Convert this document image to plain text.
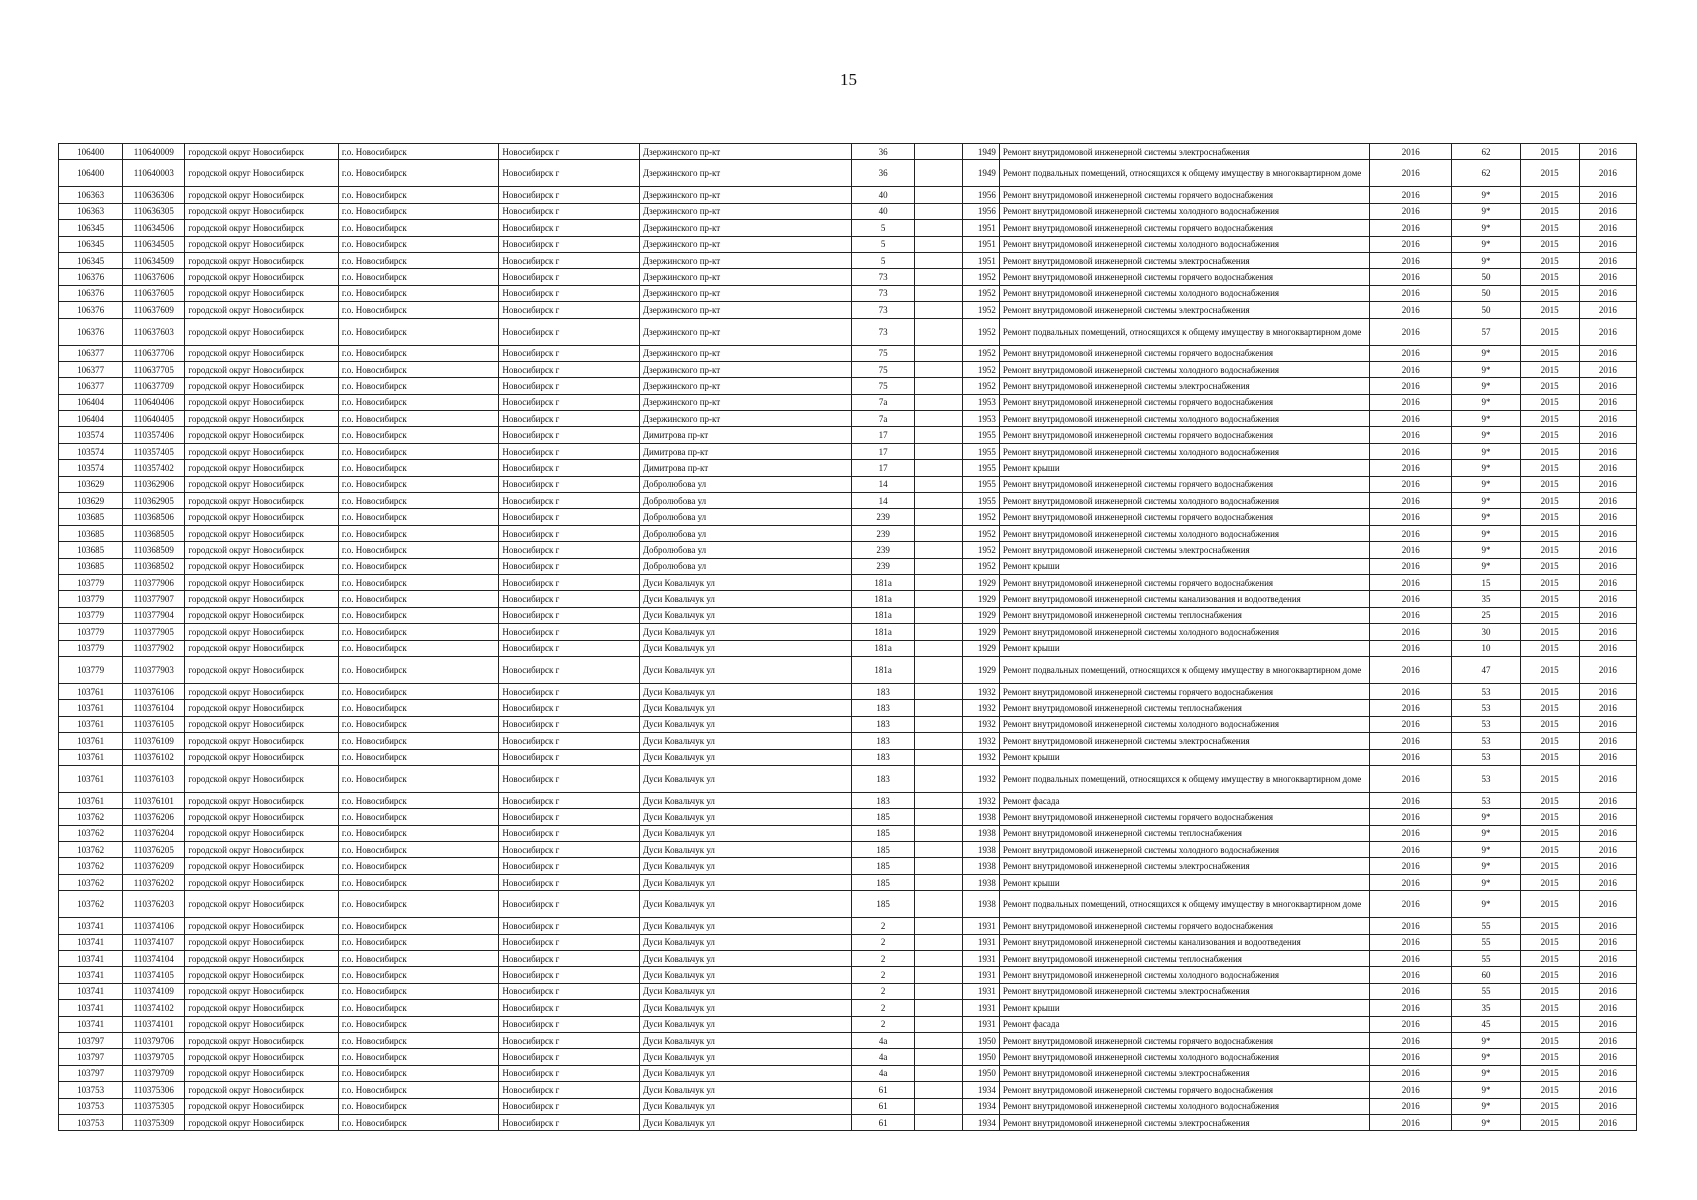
15
106400	110640009	городской округ Новосибирск	г.о. Новосибирск	Новосибирск г	Дзержинского пр-кт	36		1949	Ремонт внутридомовой инженерной системы электроснабжения	2016	62	2015	2016
106400	110640003	городской округ Новосибирск	г.о. Новосибирск	Новосибирск г	Дзержинского пр-кт	36		1949	Ремонт подвальных помещений, относящихся к общему имуществу в многоквартирном доме	2016	62	2015	2016
106363	110636306	городской округ Новосибирск	г.о. Новосибирск	Новосибирск г	Дзержинского пр-кт	40		1956	Ремонт внутридомовой инженерной системы горячего водоснабжения	2016	9*	2015	2016
106363	110636305	городской округ Новосибирск	г.о. Новосибирск	Новосибирск г	Дзержинского пр-кт	40		1956	Ремонт внутридомовой инженерной системы холодного водоснабжения	2016	9*	2015	2016
106345	110634506	городской округ Новосибирск	г.о. Новосибирск	Новосибирск г	Дзержинского пр-кт	5		1951	Ремонт внутридомовой инженерной системы горячего водоснабжения	2016	9*	2015	2016
106345	110634505	городской округ Новосибирск	г.о. Новосибирск	Новосибирск г	Дзержинского пр-кт	5		1951	Ремонт внутридомовой инженерной системы холодного водоснабжения	2016	9*	2015	2016
106345	110634509	городской округ Новосибирск	г.о. Новосибирск	Новосибирск г	Дзержинского пр-кт	5		1951	Ремонт внутридомовой инженерной системы электроснабжения	2016	9*	2015	2016
106376	110637606	городской округ Новосибирск	г.о. Новосибирск	Новосибирск г	Дзержинского пр-кт	73		1952	Ремонт внутридомовой инженерной системы горячего водоснабжения	2016	50	2015	2016
106376	110637605	городской округ Новосибирск	г.о. Новосибирск	Новосибирск г	Дзержинского пр-кт	73		1952	Ремонт внутридомовой инженерной системы холодного водоснабжения	2016	50	2015	2016
106376	110637609	городской округ Новосибирск	г.о. Новосибирск	Новосибирск г	Дзержинского пр-кт	73		1952	Ремонт внутридомовой инженерной системы электроснабжения	2016	50	2015	2016
106376	110637603	городской округ Новосибирск	г.о. Новосибирск	Новосибирск г	Дзержинского пр-кт	73		1952	Ремонт подвальных помещений, относящихся к общему имуществу в многоквартирном доме	2016	57	2015	2016
106377	110637706	городской округ Новосибирск	г.о. Новосибирск	Новосибирск г	Дзержинского пр-кт	75		1952	Ремонт внутридомовой инженерной системы горячего водоснабжения	2016	9*	2015	2016
106377	110637705	городской округ Новосибирск	г.о. Новосибирск	Новосибирск г	Дзержинского пр-кт	75		1952	Ремонт внутридомовой инженерной системы холодного водоснабжения	2016	9*	2015	2016
106377	110637709	городской округ Новосибирск	г.о. Новосибирск	Новосибирск г	Дзержинского пр-кт	75		1952	Ремонт внутридомовой инженерной системы электроснабжения	2016	9*	2015	2016
106404	110640406	городской округ Новосибирск	г.о. Новосибирск	Новосибирск г	Дзержинского пр-кт	7а		1953	Ремонт внутридомовой инженерной системы горячего водоснабжения	2016	9*	2015	2016
106404	110640405	городской округ Новосибирск	г.о. Новосибирск	Новосибирск г	Дзержинского пр-кт	7а		1953	Ремонт внутридомовой инженерной системы холодного водоснабжения	2016	9*	2015	2016
103574	110357406	городской округ Новосибирск	г.о. Новосибирск	Новосибирск г	Димитрова пр-кт	17		1955	Ремонт внутридомовой инженерной системы горячего водоснабжения	2016	9*	2015	2016
103574	110357405	городской округ Новосибирск	г.о. Новосибирск	Новосибирск г	Димитрова пр-кт	17		1955	Ремонт внутридомовой инженерной системы холодного водоснабжения	2016	9*	2015	2016
103574	110357402	городской округ Новосибирск	г.о. Новосибирск	Новосибирск г	Димитрова пр-кт	17		1955	Ремонт крыши	2016	9*	2015	2016
103629	110362906	городской округ Новосибирск	г.о. Новосибирск	Новосибирск г	Добролюбова ул	14		1955	Ремонт внутридомовой инженерной системы горячего водоснабжения	2016	9*	2015	2016
103629	110362905	городской округ Новосибирск	г.о. Новосибирск	Новосибирск г	Добролюбова ул	14		1955	Ремонт внутридомовой инженерной системы холодного водоснабжения	2016	9*	2015	2016
103685	110368506	городской округ Новосибирск	г.о. Новосибирск	Новосибирск г	Добролюбова ул	239		1952	Ремонт внутридомовой инженерной системы горячего водоснабжения	2016	9*	2015	2016
103685	110368505	городской округ Новосибирск	г.о. Новосибирск	Новосибирск г	Добролюбова ул	239		1952	Ремонт внутридомовой инженерной системы холодного водоснабжения	2016	9*	2015	2016
103685	110368509	городской округ Новосибирск	г.о. Новосибирск	Новосибирск г	Добролюбова ул	239		1952	Ремонт внутридомовой инженерной системы электроснабжения	2016	9*	2015	2016
103685	110368502	городской округ Новосибирск	г.о. Новосибирск	Новосибирск г	Добролюбова ул	239		1952	Ремонт крыши	2016	9*	2015	2016
103779	110377906	городской округ Новосибирск	г.о. Новосибирск	Новосибирск г	Дуси Ковальчук ул	181а		1929	Ремонт внутридомовой инженерной системы горячего водоснабжения	2016	15	2015	2016
103779	110377907	городской округ Новосибирск	г.о. Новосибирск	Новосибирск г	Дуси Ковальчук ул	181а		1929	Ремонт внутридомовой инженерной системы канализования и водоотведения	2016	35	2015	2016
103779	110377904	городской округ Новосибирск	г.о. Новосибирск	Новосибирск г	Дуси Ковальчук ул	181а		1929	Ремонт внутридомовой инженерной системы теплоснабжения	2016	25	2015	2016
103779	110377905	городской округ Новосибирск	г.о. Новосибирск	Новосибирск г	Дуси Ковальчук ул	181а		1929	Ремонт внутридомовой инженерной системы холодного водоснабжения	2016	30	2015	2016
103779	110377902	городской округ Новосибирск	г.о. Новосибирск	Новосибирск г	Дуси Ковальчук ул	181а		1929	Ремонт крыши	2016	10	2015	2016
103779	110377903	городской округ Новосибирск	г.о. Новосибирск	Новосибирск г	Дуси Ковальчук ул	181а		1929	Ремонт подвальных помещений, относящихся к общему имуществу в многоквартирном доме	2016	47	2015	2016
103761	110376106	городской округ Новосибирск	г.о. Новосибирск	Новосибирск г	Дуси Ковальчук ул	183		1932	Ремонт внутридомовой инженерной системы горячего водоснабжения	2016	53	2015	2016
103761	110376104	городской округ Новосибирск	г.о. Новосибирск	Новосибирск г	Дуси Ковальчук ул	183		1932	Ремонт внутридомовой инженерной системы теплоснабжения	2016	53	2015	2016
103761	110376105	городской округ Новосибирск	г.о. Новосибирск	Новосибирск г	Дуси Ковальчук ул	183		1932	Ремонт внутридомовой инженерной системы холодного водоснабжения	2016	53	2015	2016
103761	110376109	городской округ Новосибирск	г.о. Новосибирск	Новосибирск г	Дуси Ковальчук ул	183		1932	Ремонт внутридомовой инженерной системы электроснабжения	2016	53	2015	2016
103761	110376102	городской округ Новосибирск	г.о. Новосибирск	Новосибирск г	Дуси Ковальчук ул	183		1932	Ремонт крыши	2016	53	2015	2016
103761	110376103	городской округ Новосибирск	г.о. Новосибирск	Новосибирск г	Дуси Ковальчук ул	183		1932	Ремонт подвальных помещений, относящихся к общему имуществу в многоквартирном доме	2016	53	2015	2016
103761	110376101	городской округ Новосибирск	г.о. Новосибирск	Новосибирск г	Дуси Ковальчук ул	183		1932	Ремонт фасада	2016	53	2015	2016
103762	110376206	городской округ Новосибирск	г.о. Новосибирск	Новосибирск г	Дуси Ковальчук ул	185		1938	Ремонт внутридомовой инженерной системы горячего водоснабжения	2016	9*	2015	2016
103762	110376204	городской округ Новосибирск	г.о. Новосибирск	Новосибирск г	Дуси Ковальчук ул	185		1938	Ремонт внутридомовой инженерной системы теплоснабжения	2016	9*	2015	2016
103762	110376205	городской округ Новосибирск	г.о. Новосибирск	Новосибирск г	Дуси Ковальчук ул	185		1938	Ремонт внутридомовой инженерной системы холодного водоснабжения	2016	9*	2015	2016
103762	110376209	городской округ Новосибирск	г.о. Новосибирск	Новосибирск г	Дуси Ковальчук ул	185		1938	Ремонт внутридомовой инженерной системы электроснабжения	2016	9*	2015	2016
103762	110376202	городской округ Новосибирск	г.о. Новосибирск	Новосибирск г	Дуси Ковальчук ул	185		1938	Ремонт крыши	2016	9*	2015	2016
103762	110376203	городской округ Новосибирск	г.о. Новосибирск	Новосибирск г	Дуси Ковальчук ул	185		1938	Ремонт подвальных помещений, относящихся к общему имуществу в многоквартирном доме	2016	9*	2015	2016
103741	110374106	городской округ Новосибирск	г.о. Новосибирск	Новосибирск г	Дуси Ковальчук ул	2		1931	Ремонт внутридомовой инженерной системы горячего водоснабжения	2016	55	2015	2016
103741	110374107	городской округ Новосибирск	г.о. Новосибирск	Новосибирск г	Дуси Ковальчук ул	2		1931	Ремонт внутридомовой инженерной системы канализования и водоотведения	2016	55	2015	2016
103741	110374104	городской округ Новосибирск	г.о. Новосибирск	Новосибирск г	Дуси Ковальчук ул	2		1931	Ремонт внутридомовой инженерной системы теплоснабжения	2016	55	2015	2016
103741	110374105	городской округ Новосибирск	г.о. Новосибирск	Новосибирск г	Дуси Ковальчук ул	2		1931	Ремонт внутридомовой инженерной системы холодного водоснабжения	2016	60	2015	2016
103741	110374109	городской округ Новосибирск	г.о. Новосибирск	Новосибирск г	Дуси Ковальчук ул	2		1931	Ремонт внутридомовой инженерной системы электроснабжения	2016	55	2015	2016
103741	110374102	городской округ Новосибирск	г.о. Новосибирск	Новосибирск г	Дуси Ковальчук ул	2		1931	Ремонт крыши	2016	35	2015	2016
103741	110374101	городской округ Новосибирск	г.о. Новосибирск	Новосибирск г	Дуси Ковальчук ул	2		1931	Ремонт фасада	2016	45	2015	2016
103797	110379706	городской округ Новосибирск	г.о. Новосибирск	Новосибирск г	Дуси Ковальчук ул	4а		1950	Ремонт внутридомовой инженерной системы горячего водоснабжения	2016	9*	2015	2016
103797	110379705	городской округ Новосибирск	г.о. Новосибирск	Новосибирск г	Дуси Ковальчук ул	4а		1950	Ремонт внутридомовой инженерной системы холодного водоснабжения	2016	9*	2015	2016
103797	110379709	городской округ Новосибирск	г.о. Новосибирск	Новосибирск г	Дуси Ковальчук ул	4а		1950	Ремонт внутридомовой инженерной системы электроснабжения	2016	9*	2015	2016
103753	110375306	городской округ Новосибирск	г.о. Новосибирск	Новосибирск г	Дуси Ковальчук ул	61		1934	Ремонт внутридомовой инженерной системы горячего водоснабжения	2016	9*	2015	2016
103753	110375305	городской округ Новосибирск	г.о. Новосибирск	Новосибирск г	Дуси Ковальчук ул	61		1934	Ремонт внутридомовой инженерной системы холодного водоснабжения	2016	9*	2015	2016
103753	110375309	городской округ Новосибирск	г.о. Новосибирск	Новосибирск г	Дуси Ковальчук ул	61		1934	Ремонт внутридомовой инженерной системы электроснабжения	2016	9*	2015	2016
